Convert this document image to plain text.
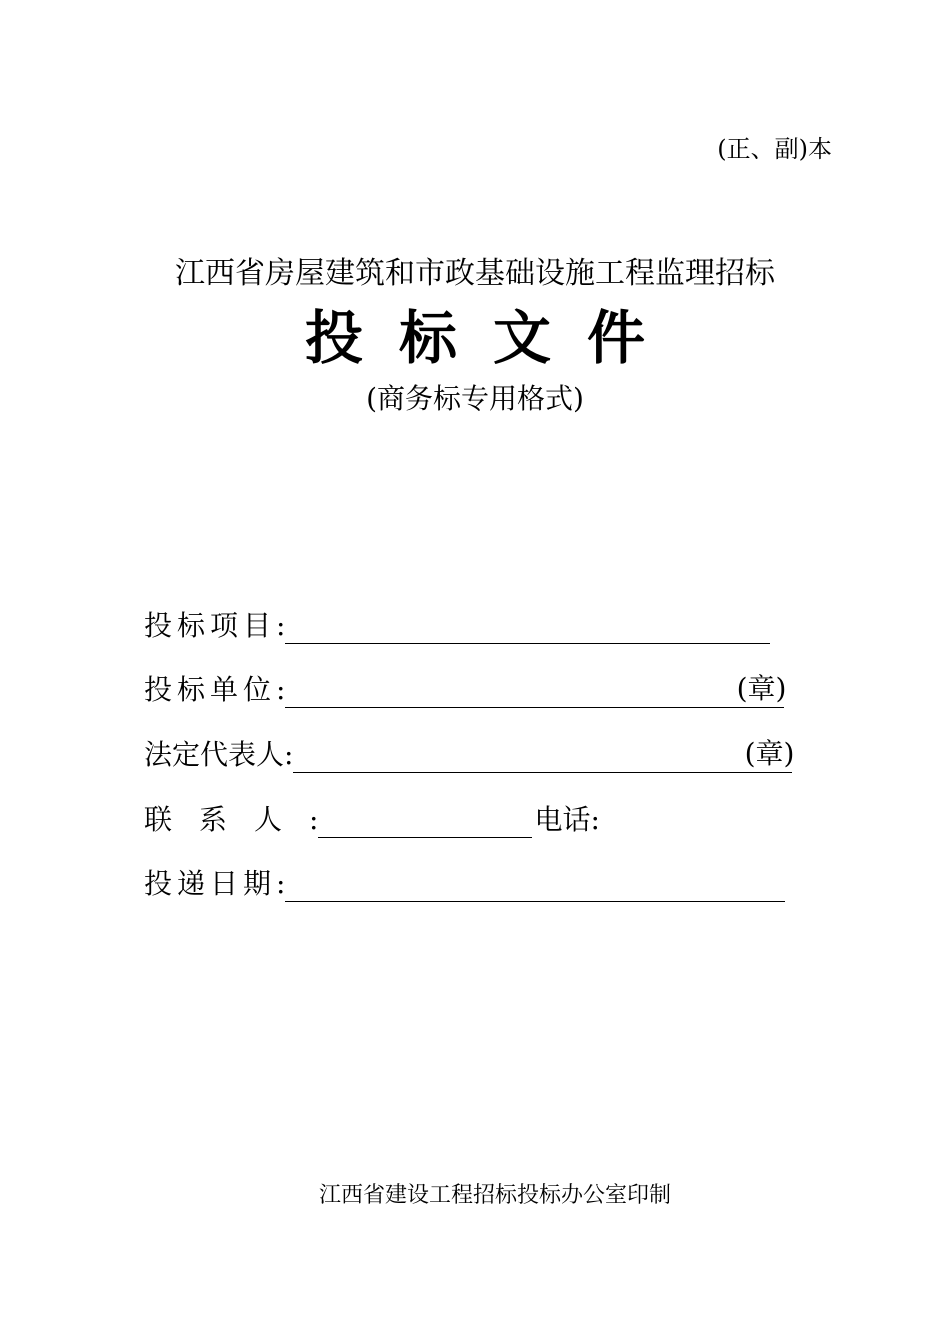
(正、副)本
江西省房屋建筑和市政基础设施工程监理招标
投标文件
(商务标专用格式)
投标项目 :
投标单位 :	(章)
法定代表人 :	(章)
联系人 :	电话:
投递日期 :
江西省建设工程招标投标办公室印制
